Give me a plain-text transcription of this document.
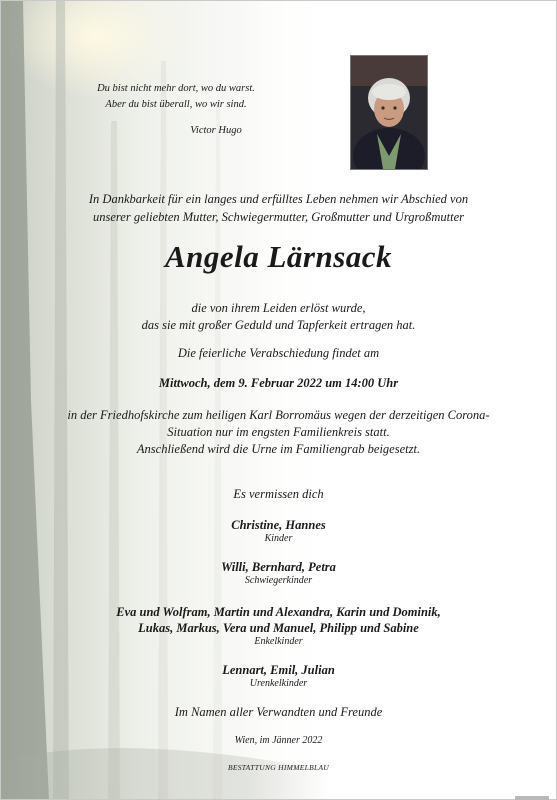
Du bist nicht mehr dort, wo du warst.
Aber du bist überall, wo wir sind.
Victor Hugo
In Dankbarkeit für ein langes und erfülltes Leben nehmen wir Abschied von
unserer geliebten Mutter, Schwiegermutter, Großmutter und Urgroßmutter
Angela Lärnsack
die von ihrem Leiden erlöst wurde,
das sie mit großer Geduld und Tapferkeit ertragen hat.
Die feierliche Verabschiedung findet am
Mittwoch, dem 9. Februar 2022 um 14:00 Uhr
in der Friedhofskirche zum heiligen Karl Borromäus wegen der derzeitigen Corona-
Situation nur im engsten Familienkreis statt.
Anschließend wird die Urne im Familiengrab beigesetzt.
Es vermissen dich
Christine, Hannes
Kinder
Willi, Bernhard, Petra
Schwiegerkinder
Eva und Wolfram, Martin und Alexandra, Karin und Dominik,
Lukas, Markus, Vera und Manuel, Philipp und Sabine
Enkelkinder
Lennart, Emil, Julian
Urenkelkinder
Im Namen aller Verwandten und Freunde
Wien, im Jänner 2022
BESTATTUNG HIMMELBLAU
